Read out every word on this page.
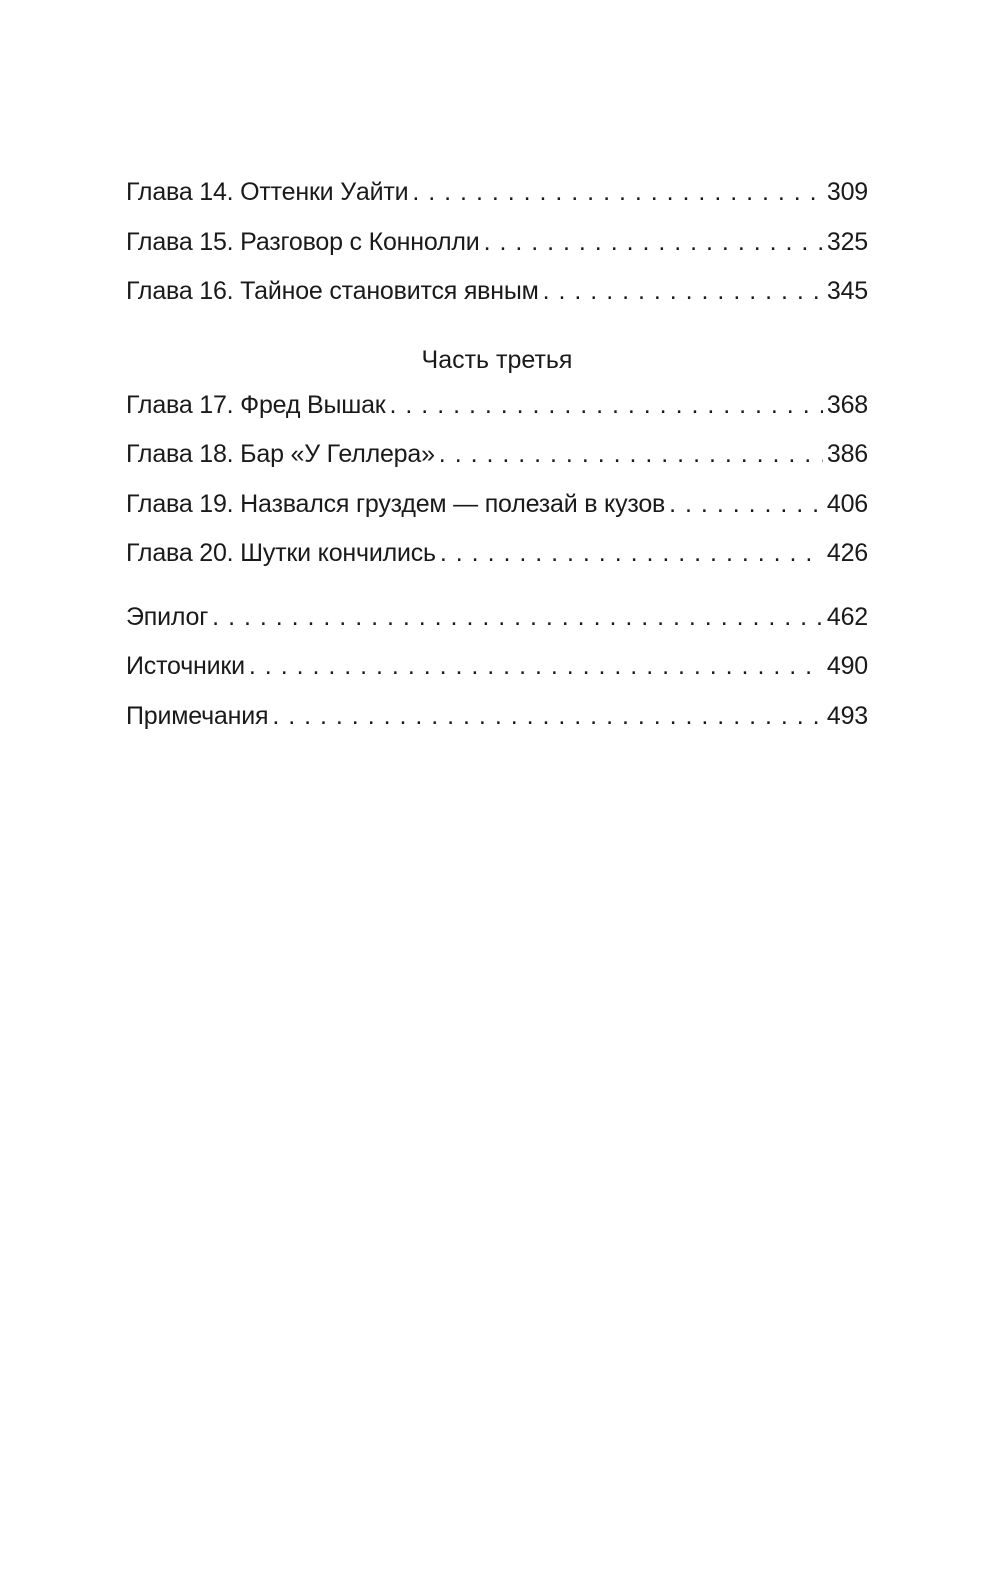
Глава 14. Оттенки Уайти . . .	309
Глава 15. Разговор с Коннолли . . .	325
Глава 16. Тайное становится явным . . .	345
Часть третья
Глава 17. Фред Вышак . . .	368
Глава 18. Бар «У Геллера» . . .	386
Глава 19. Назвался груздем — полезай в кузов . . .	406
Глава 20. Шутки кончились . . .	426
Эпилог . . .	462
Источники . . .	490
Примечания . . .	493
